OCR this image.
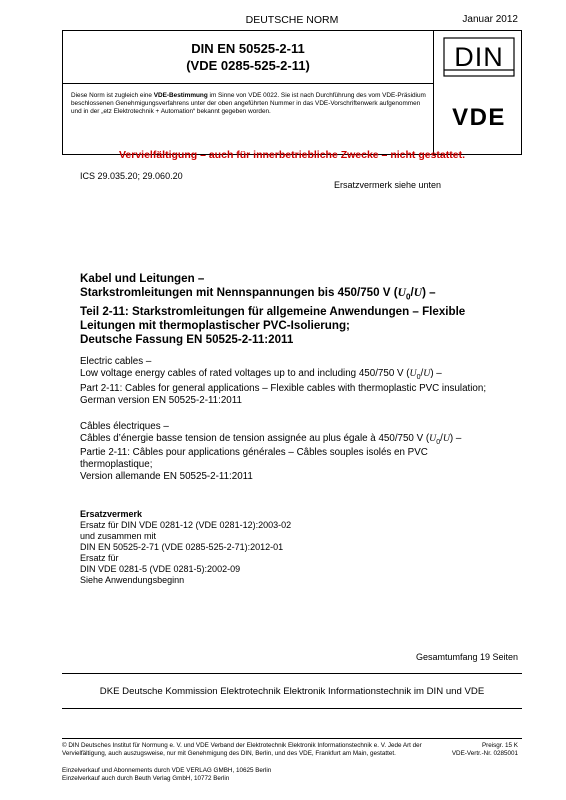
DEUTSCHE NORM	Januar 2012
DIN EN 50525-2-11
(VDE 0285-525-2-11)
Diese Norm ist zugleich eine VDE-Bestimmung im Sinne von VDE 0022. Sie ist nach Durchführung des vom VDE-Präsidium beschlossenen Genehmigungsverfahrens unter der oben angeführten Nummer in das VDE-Vorschriftenwerk aufgenommen und in der „etz Elektrotechnik + Automation“ bekannt gegeben worden.
DIN
VDE
Vervielfältigung – auch für innerbetriebliche Zwecke – nicht gestattet.
ICS 29.035.20; 29.060.20
Ersatzvermerk siehe unten
Kabel und Leitungen –
Starkstromleitungen mit Nennspannungen bis 450/750 V $(U_0/U)$ –
Teil 2-11: Starkstromleitungen für allgemeine Anwendungen – Flexible
Leitungen mit thermoplastischer PVC-Isolierung;
Deutsche Fassung EN 50525-2-11:2011
Electric cables –
Low voltage energy cables of rated voltages up to and including 450/750 V $(U_0/U)$ –
Part 2-11: Cables for general applications – Flexible cables with thermoplastic PVC insulation;
German version EN 50525-2-11:2011
Câbles électriques –
Câbles d’énergie basse tension de tension assignée au plus égale à 450/750 V $(U_0/U)$ –
Partie 2-11: Câbles pour applications générales – Câbles souples isolés en PVC
thermoplastique;
Version allemande EN 50525-2-11:2011
Ersatzvermerk
Ersatz für DIN VDE 0281-12 (VDE 0281-12):2003-02
und zusammen mit
DIN EN 50525-2-71 (VDE 0285-525-2-71):2012-01
Ersatz für
DIN VDE 0281-5 (VDE 0281-5):2002-09
Siehe Anwendungsbeginn
Gesamtumfang 19 Seiten
DKE Deutsche Kommission Elektrotechnik Elektronik Informationstechnik im DIN und VDE
© DIN Deutsches Institut für Normung e. V. und VDE Verband der Elektrotechnik Elektronik Informationstechnik e. V. Jede Art der Vervielfältigung, auch auszugsweise, nur mit Genehmigung des DIN, Berlin, und des VDE, Frankfurt am Main, gestattet.
Preisgr. 15 K
VDE-Vertr.-Nr. 0285001
Einzelverkauf und Abonnements durch VDE VERLAG GMBH, 10625 Berlin
Einzelverkauf auch durch Beuth Verlag GmbH, 10772 Berlin
